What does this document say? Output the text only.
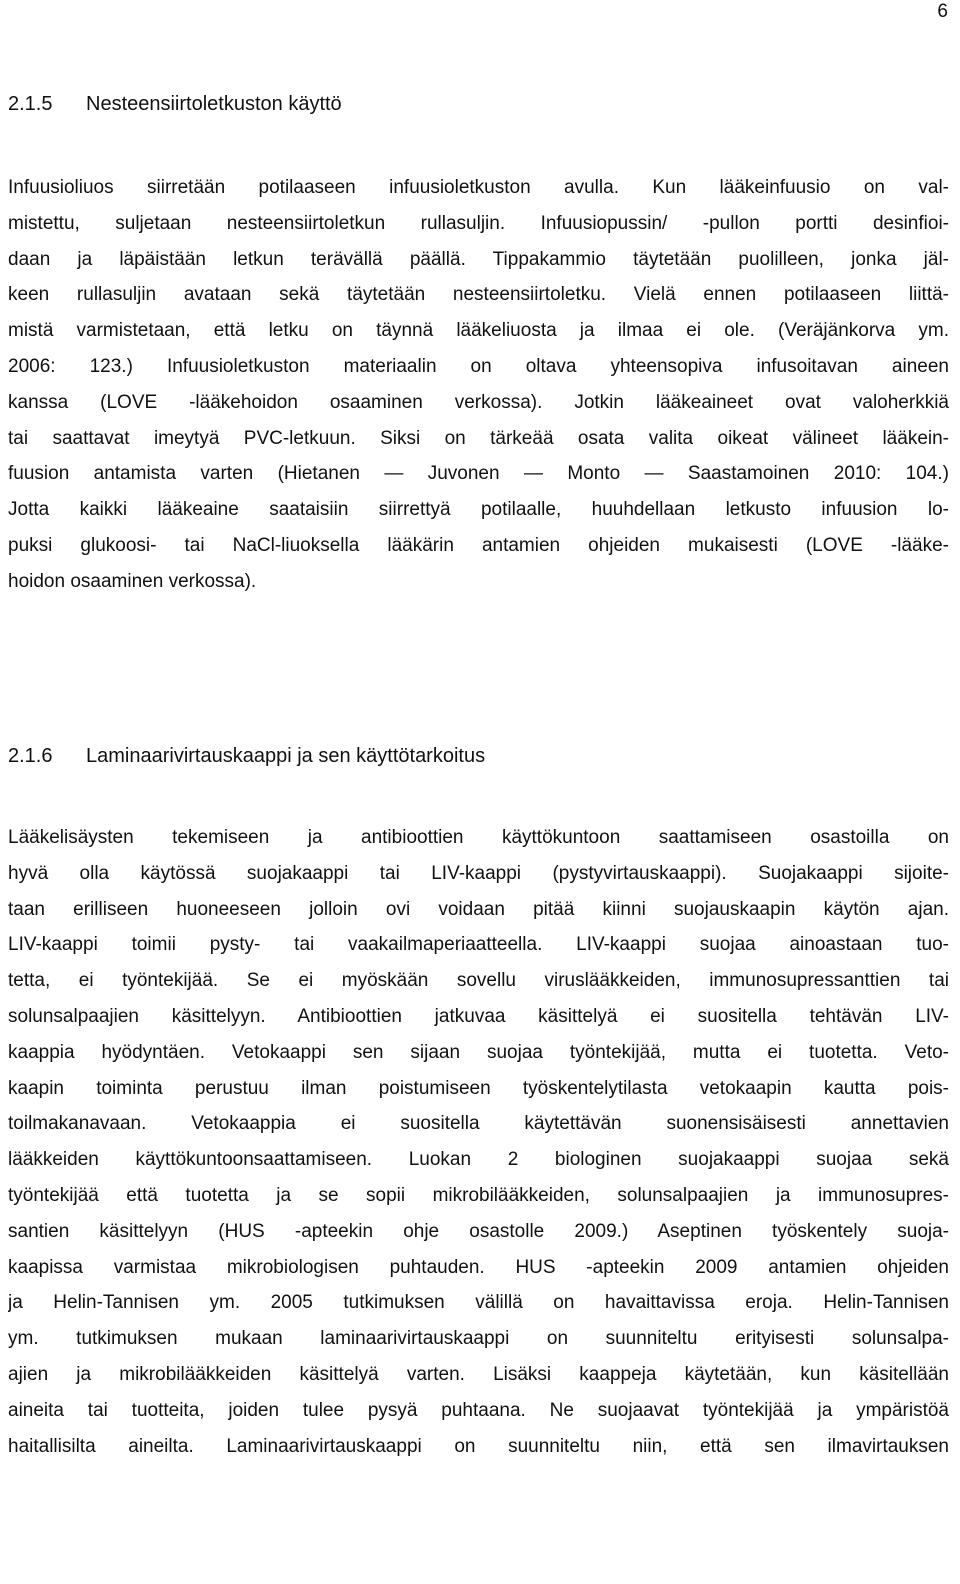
6
2.1.5 Nesteensiirtoletkuston käyttö

Infuusioliuos siirretään potilaaseen infuusioletkuston avulla. Kun lääkeinfuusio on val-
mistettu, suljetaan nesteensiirtoletkun rullasuljin. Infuusiopussin/ -pullon portti desinfioi-
daan ja läpäistään letkun terävällä päällä. Tippakammio täytetään puolilleen, jonka jäl-
keen rullasuljin avataan sekä täytetään nesteensiirtoletku. Vielä ennen potilaaseen liittä-
mistä varmistetaan, että letku on täynnä lääkeliuosta ja ilmaa ei ole. (Veräjänkorva ym.
2006: 123.) Infuusioletkuston materiaalin on oltava yhteensopiva infusoitavan aineen
kanssa (LOVE -lääkehoidon osaaminen verkossa). Jotkin lääkeaineet ovat valoherkkiä
tai saattavat imeytyä PVC-letkuun. Siksi on tärkeää osata valita oikeat välineet lääkein-
fuusion antamista varten (Hietanen — Juvonen — Monto — Saastamoinen 2010: 104.)
Jotta kaikki lääkeaine saataisiin siirrettyä potilaalle, huuhdellaan letkusto infuusion lo-
puksi glukoosi- tai NaCl-liuoksella lääkärin antamien ohjeiden mukaisesti (LOVE -lääke-
hoidon osaaminen verkossa).

2.1.6 Laminaarivirtauskaappi ja sen käyttötarkoitus

Lääkelisäysten tekemiseen ja antibioottien käyttökuntoon saattamiseen osastoilla on
hyvä olla käytössä suojakaappi tai LIV-kaappi (pystyvirtauskaappi). Suojakaappi sijoite-
taan erilliseen huoneeseen jolloin ovi voidaan pitää kiinni suojauskaapin käytön ajan.
LIV-kaappi toimii pysty- tai vaakailmaperiaatteella. LIV-kaappi suojaa ainoastaan tuo-
tetta, ei työntekijää. Se ei myöskään sovellu viruslääkkeiden, immunosupressanttien tai
solunsalpaajien käsittelyyn. Antibioottien jatkuvaa käsittelyä ei suositella tehtävän LIV-
kaappia hyödyntäen. Vetokaappi sen sijaan suojaa työntekijää, mutta ei tuotetta. Veto-
kaapin toiminta perustuu ilman poistumiseen työskentelytilasta vetokaapin kautta pois-
toilmakanavaan. Vetokaappia ei suositella käytettävän suonensisäisesti annettavien
lääkkeiden käyttökuntoonsaattamiseen. Luokan 2 biologinen suojakaappi suojaa sekä
työntekijää että tuotetta ja se sopii mikrobilääkkeiden, solunsalpaajien ja immunosupres-
santien käsittelyyn (HUS -apteekin ohje osastolle 2009.) Aseptinen työskentely suoja-
kaapissa varmistaa mikrobiologisen puhtauden. HUS -apteekin 2009 antamien ohjeiden
ja Helin-Tannisen ym. 2005 tutkimuksen välillä on havaittavissa eroja. Helin-Tannisen
ym. tutkimuksen mukaan laminaarivirtauskaappi on suunniteltu erityisesti solunsalpa-
ajien ja mikrobilääkkeiden käsittelyä varten. Lisäksi kaappeja käytetään, kun käsitellään
aineita tai tuotteita, joiden tulee pysyä puhtaana. Ne suojaavat työntekijää ja ympäristöä
haitallisilta aineilta. Laminaarivirtauskaappi on suunniteltu niin, että sen ilmavirtauksen
